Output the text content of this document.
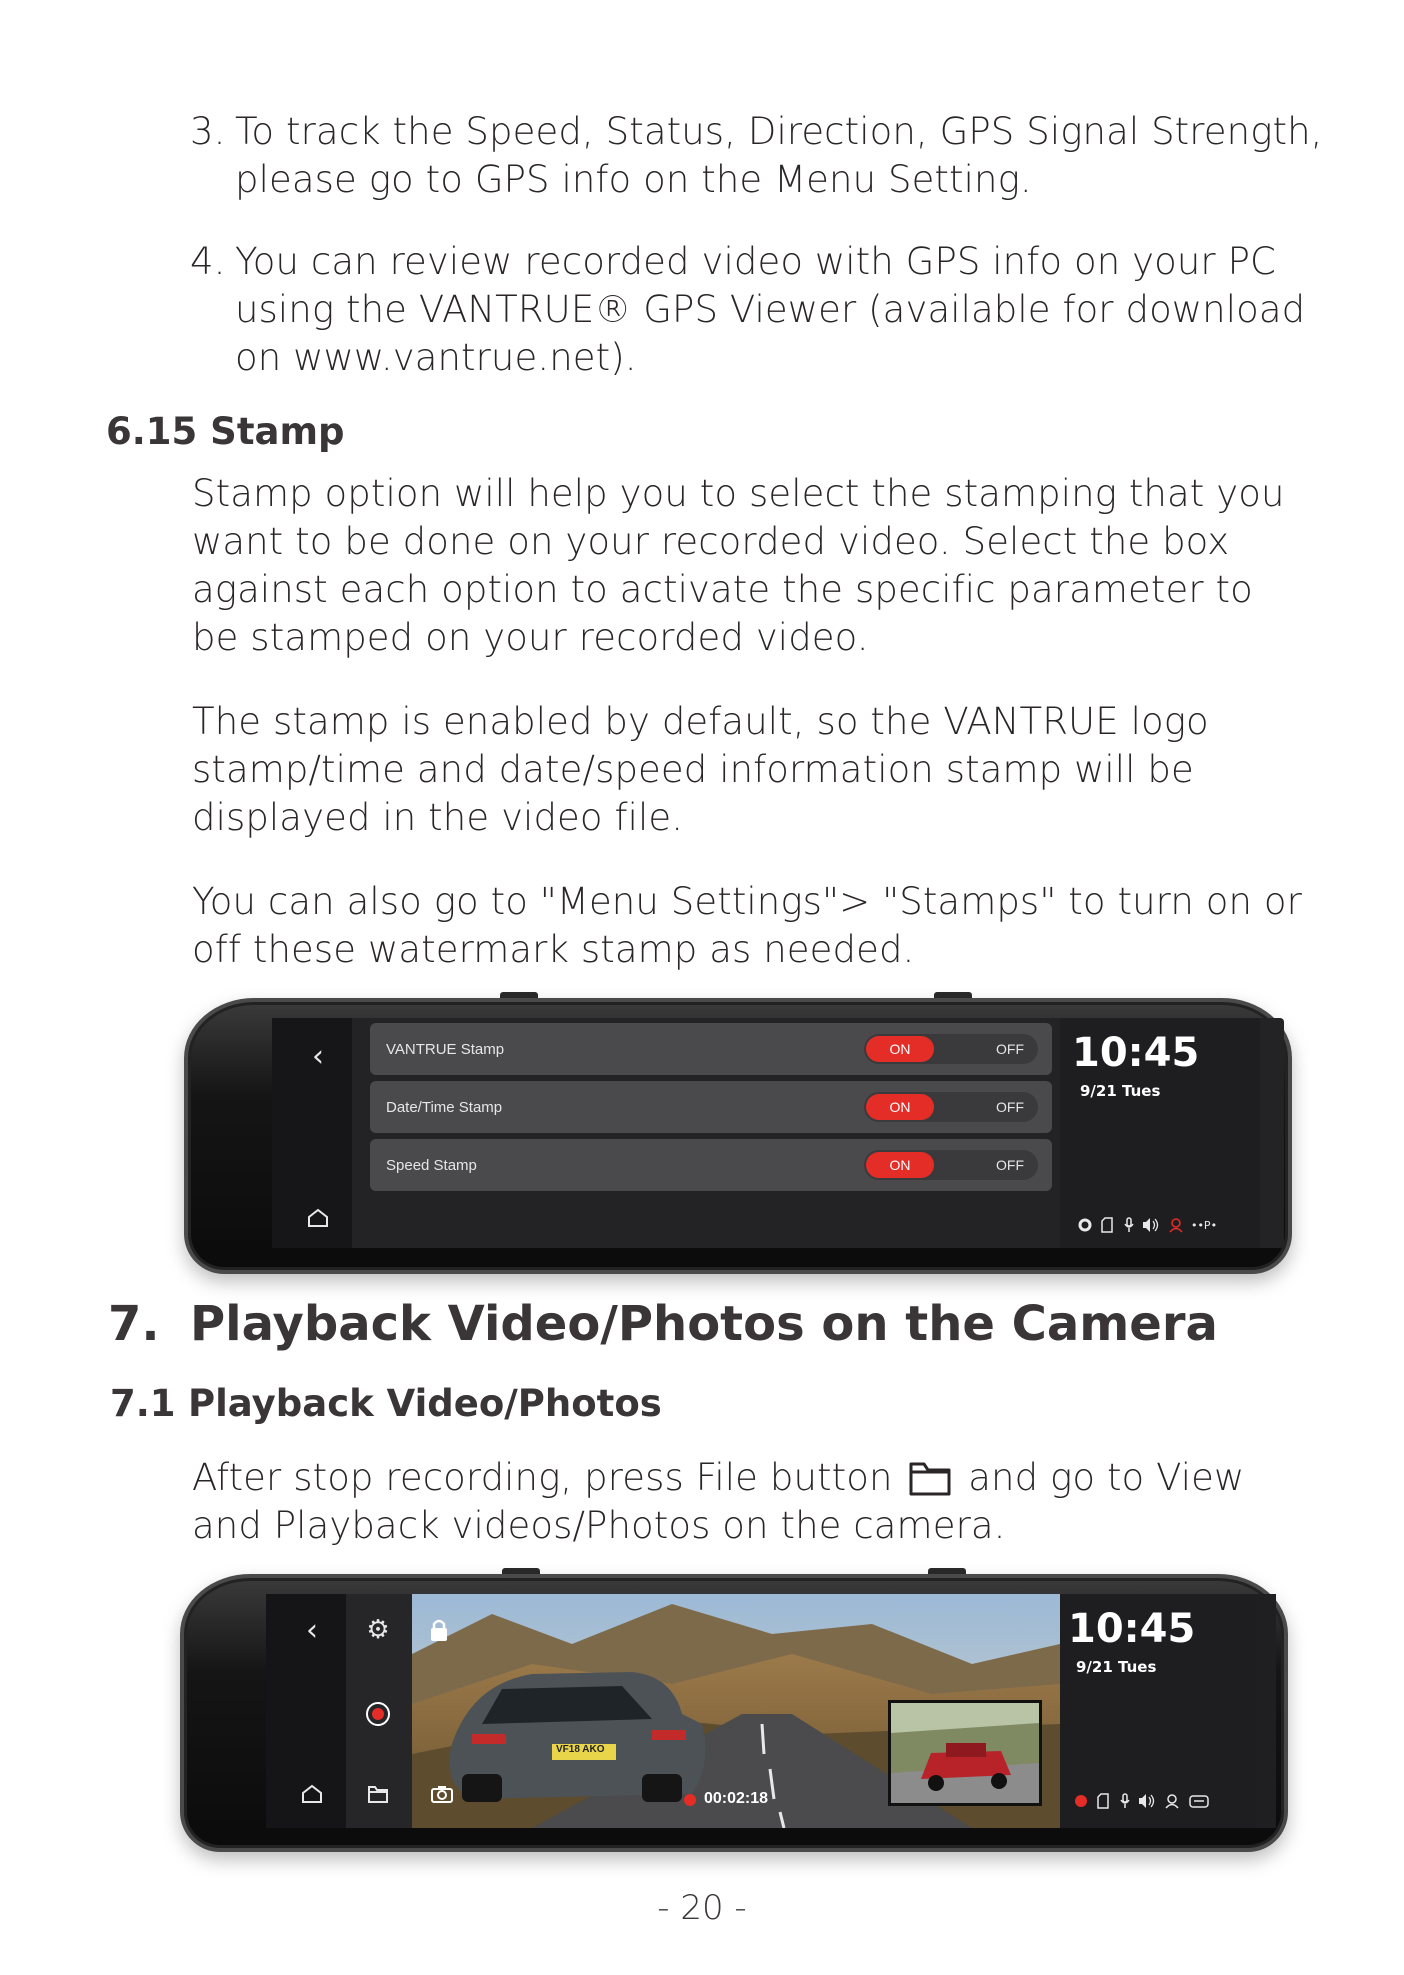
3. To track the Speed, Status, Direction, GPS Signal Strength,
please go to GPS info on the Menu Setting.
4. You can review recorded video with GPS info on your PC
using the VANTRUE® GPS Viewer (available for download
on www.vantrue.net).
6.15 Stamp
Stamp option will help you to select the stamping that you
want to be done on your recorded video. Select the box
against each option to activate the specific parameter to
be stamped on your recorded video.
The stamp is enabled by default, so the VANTRUE logo
stamp/time and date/speed information stamp will be
displayed in the video file.
You can also go to "Menu Settings"> "Stamps" to turn on or
off these watermark stamp as needed.
‹	VANTRUE Stamp	ON	OFF
Date/Time Stamp	ON	OFF
Speed Stamp	ON	OFF
10:45
9/21 Tues
••P•
7. Playback Video/Photos on the Camera
7.1 Playback Video/Photos
After stop recording, press File button and go to View
and Playback videos/Photos on the camera.
‹	⚙
VF18 AKO
00:02:18
10:45
9/21 Tues
- 20 -
